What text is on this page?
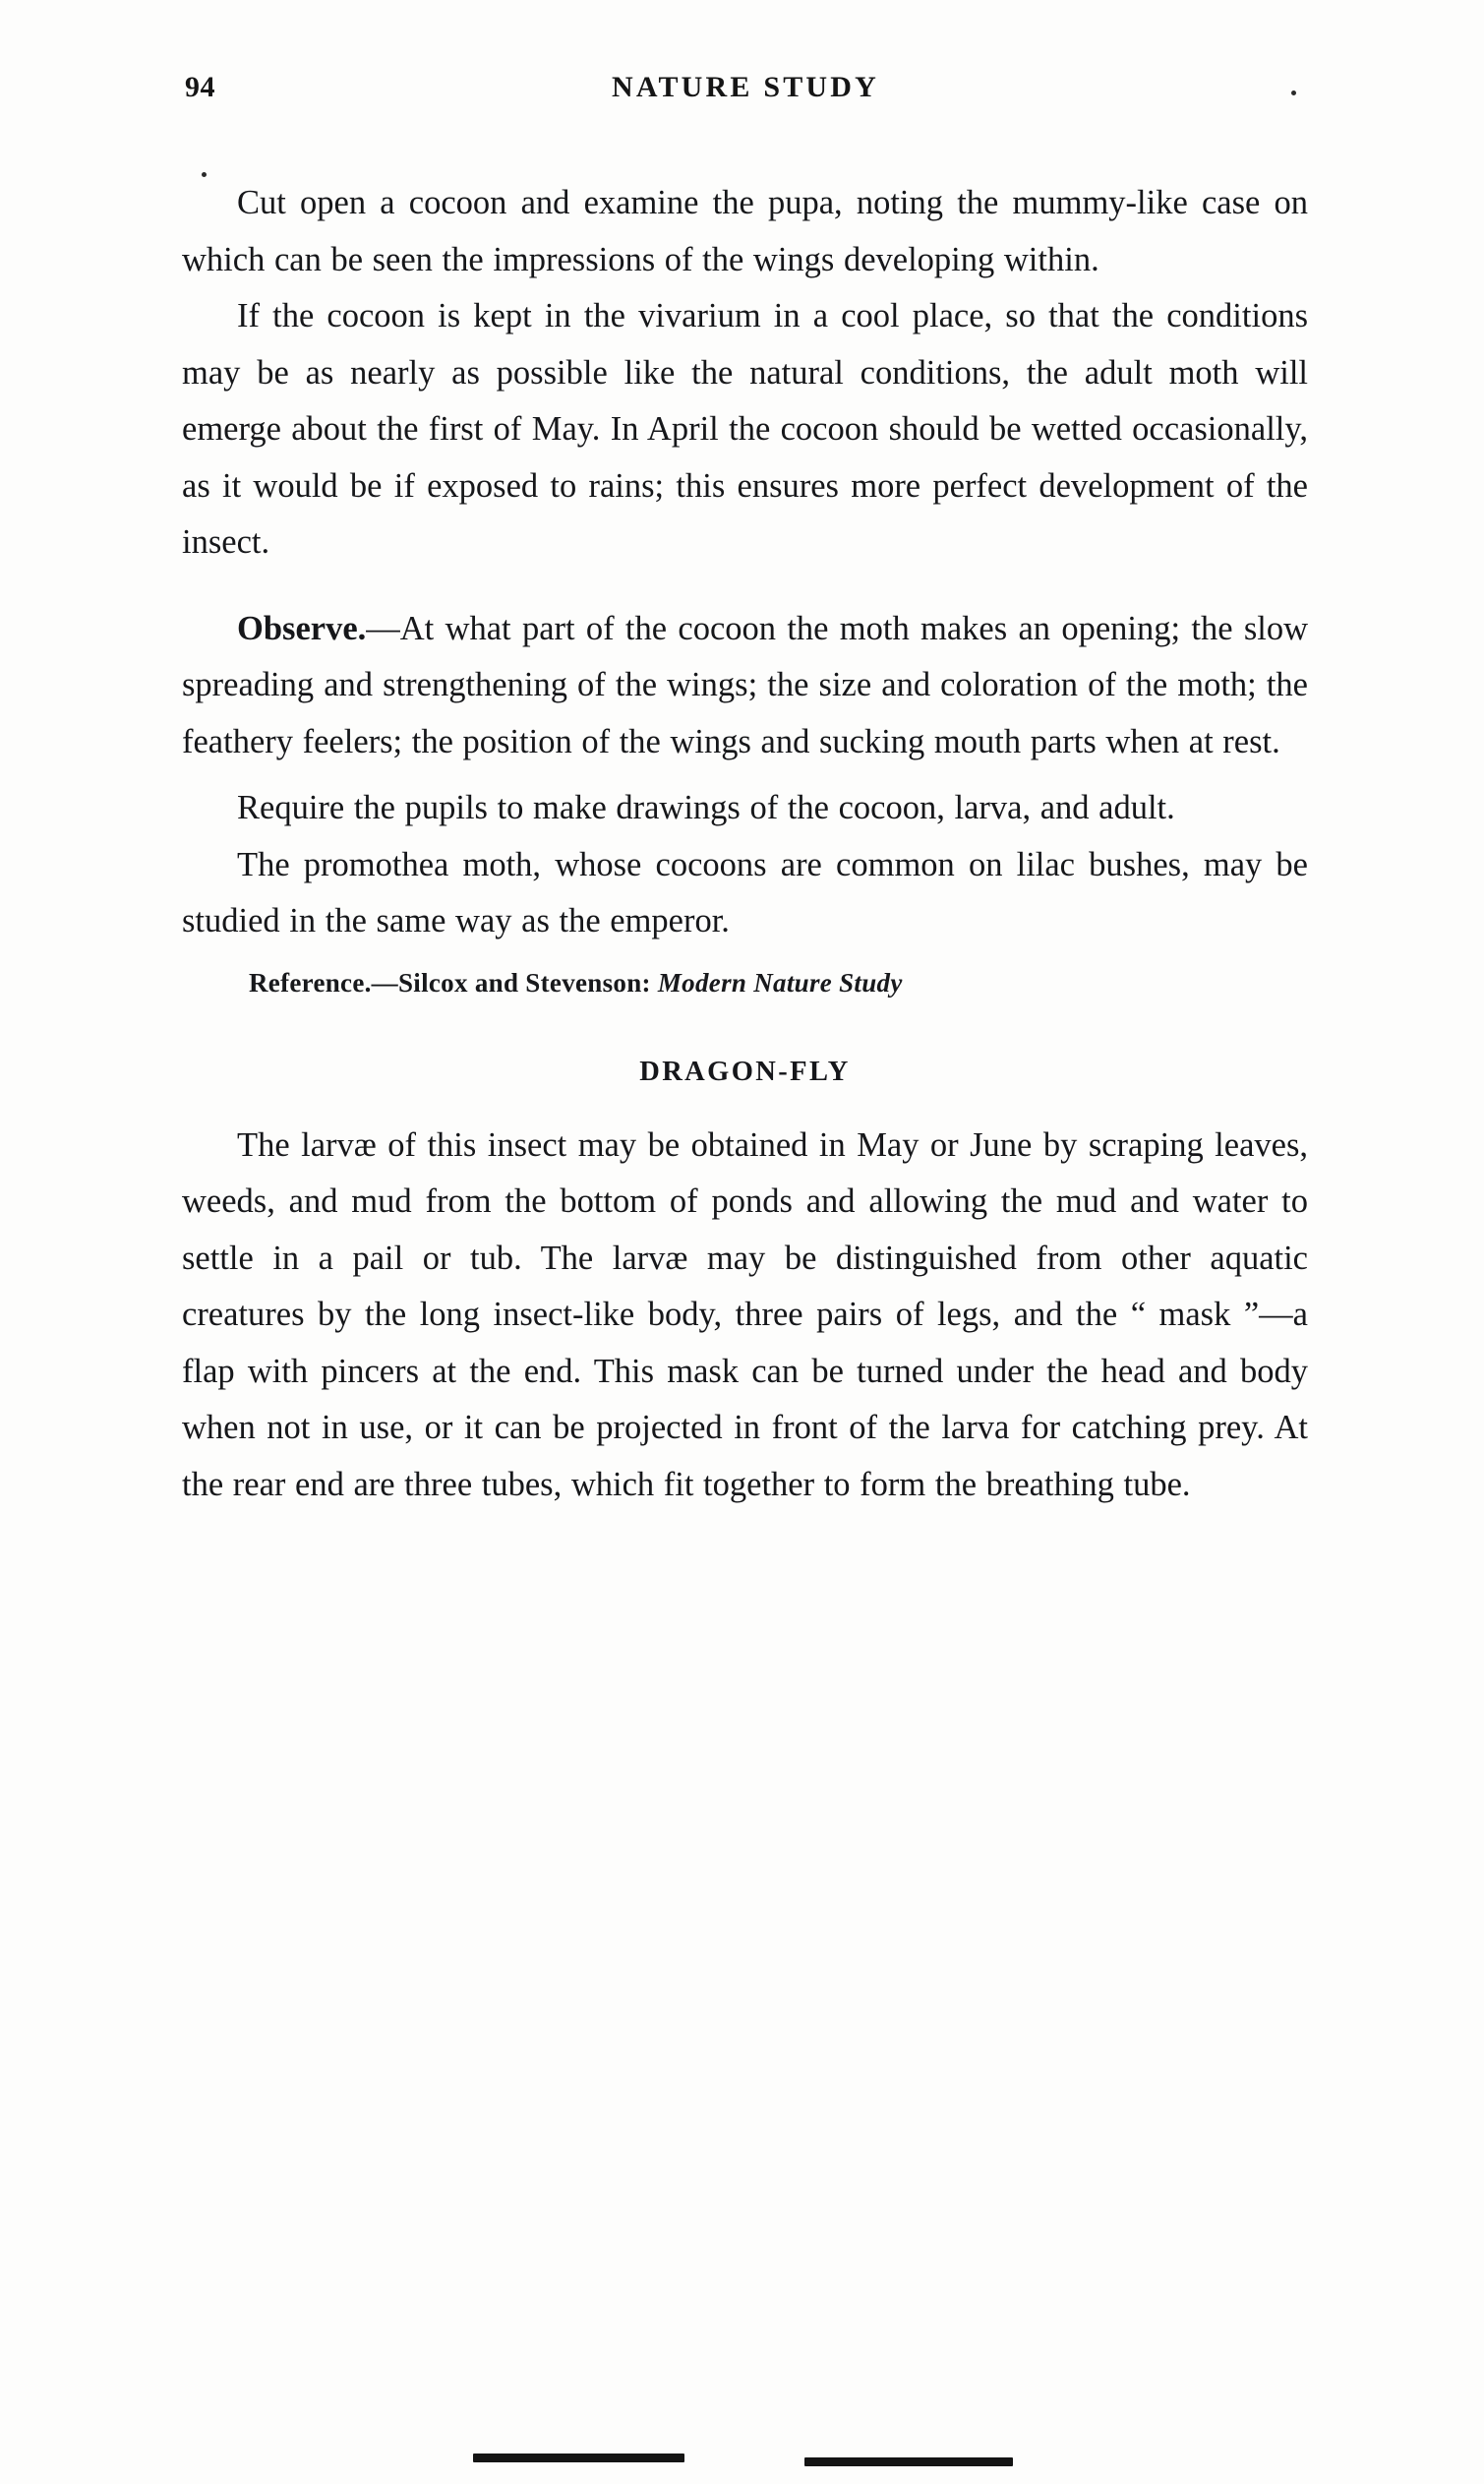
94	NATURE STUDY

Cut open a cocoon and examine the pupa, noting the mummy-like case on which can be seen the impressions of the wings developing within.

If the cocoon is kept in the vivarium in a cool place, so that the conditions may be as nearly as possible like the natural conditions, the adult moth will emerge about the first of May. In April the cocoon should be wetted occasionally, as it would be if exposed to rains; this ensures more perfect development of the insect.

Observe.—At what part of the cocoon the moth makes an opening; the slow spreading and strengthening of the wings; the size and coloration of the moth; the feathery feelers; the position of the wings and sucking mouth parts when at rest.

Require the pupils to make drawings of the cocoon, larva, and adult.

The promothea moth, whose cocoons are common on lilac bushes, may be studied in the same way as the emperor.

Reference.—Silcox and Stevenson: Modern Nature Study

DRAGON-FLY

The larvæ of this insect may be obtained in May or June by scraping leaves, weeds, and mud from the bottom of ponds and allowing the mud and water to settle in a pail or tub. The larvæ may be distinguished from other aquatic creatures by the long insect-like body, three pairs of legs, and the “ mask ”—a flap with pincers at the end. This mask can be turned under the head and body when not in use, or it can be projected in front of the larva for catching prey. At the rear end are three tubes, which fit together to form the breathing tube.
